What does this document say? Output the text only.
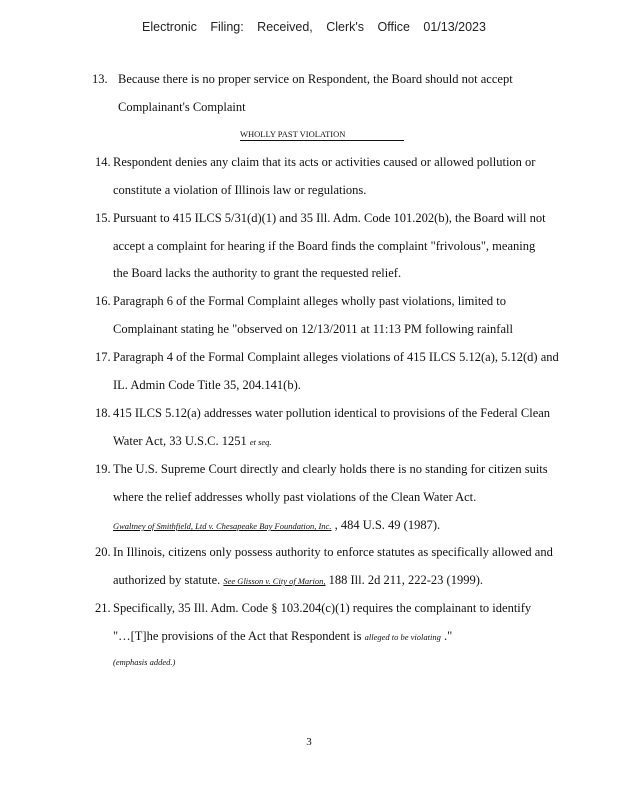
Electronic Filing: Received, Clerk's Office 01/13/2023
13. Because there is no proper service on Respondent, the Board should not accept
Complainant's Complaint
WHOLLY PAST VIOLATION
14. Respondent denies any claim that its acts or activities caused or allowed pollution or
constitute a violation of Illinois law or regulations.
15. Pursuant to 415 ILCS 5/31(d)(1) and 35 Ill. Adm. Code 101.202(b), the Board will not
accept a complaint for hearing if the Board finds the complaint "frivolous", meaning
the Board lacks the authority to grant the requested relief.
16. Paragraph 6 of the Formal Complaint alleges wholly past violations, limited to
Complainant stating he "observed on 12/13/2011 at 11:13 PM following rainfall
17. Paragraph 4 of the Formal Complaint alleges violations of 415 ILCS 5.12(a), 5.12(d) and
IL. Admin Code Title 35, 204.141(b).
18. 415 ILCS 5.12(a) addresses water pollution identical to provisions of the Federal Clean
Water Act, 33 U.S.C. 1251 et seq.
19. The U.S. Supreme Court directly and clearly holds there is no standing for citizen suits
where the relief addresses wholly past violations of the Clean Water Act.
Gwaltney of Smithfield, Ltd v. Chesapeake Bay Foundation, Inc. , 484 U.S. 49 (1987).
20. In Illinois, citizens only possess authority to enforce statutes as specifically allowed and
authorized by statute. See Glisson v. City of Marion, 188 Ill. 2d 211, 222-23 (1999).
21. Specifically, 35 Ill. Adm. Code § 103.204(c)(1) requires the complainant to identify
"…[T]he provisions of the Act that Respondent is alleged to be violating ."
(emphasis added.)
3
